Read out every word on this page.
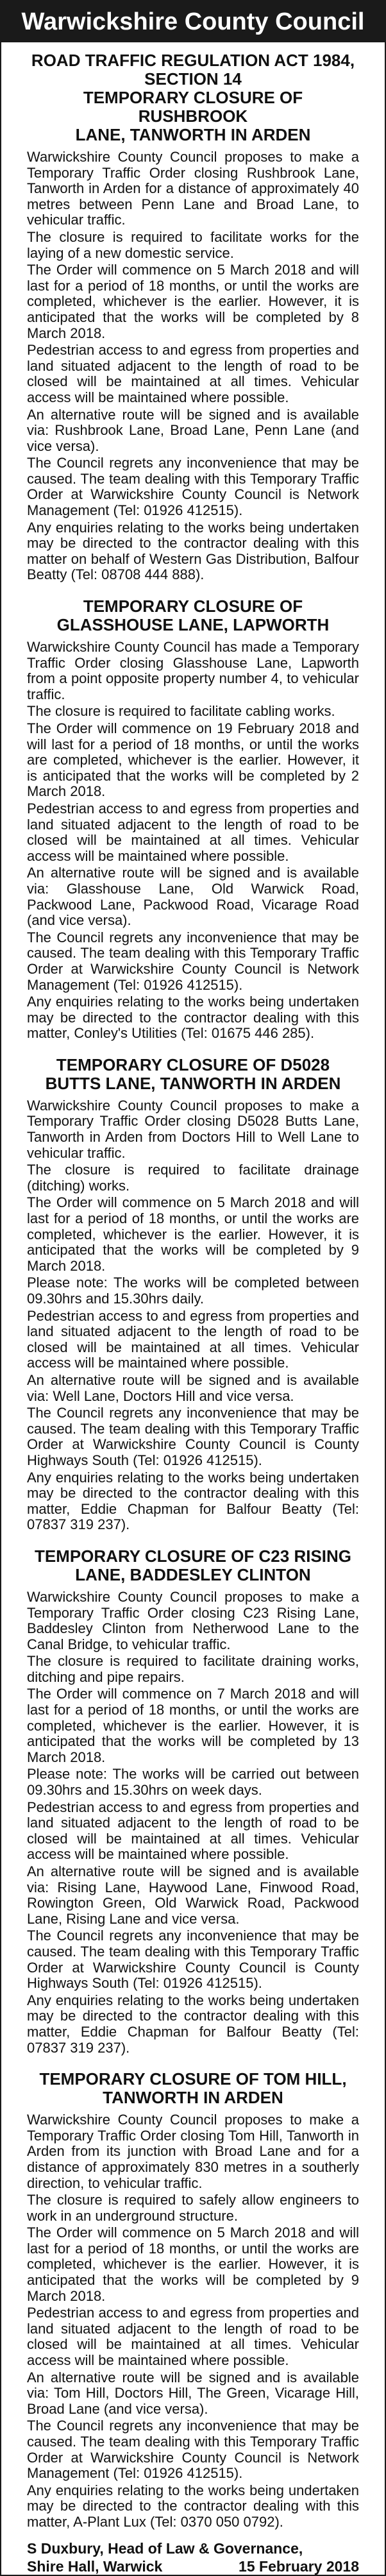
Warwickshire County Council
ROAD TRAFFIC REGULATION ACT 1984,
SECTION 14
TEMPORARY CLOSURE OF RUSHBROOK
LANE, TANWORTH IN ARDEN

Warwickshire County Council proposes to make a Temporary Traffic Order closing Rushbrook Lane, Tanworth in Arden for a distance of approximately 40 metres between Penn Lane and Broad Lane, to vehicular traffic.

The closure is required to facilitate works for the laying of a new domestic service.

The Order will commence on 5 March 2018 and will last for a period of 18 months, or until the works are completed, whichever is the earlier. However, it is anticipated that the works will be completed by 8 March 2018.

Pedestrian access to and egress from properties and land situated adjacent to the length of road to be closed will be maintained at all times. Vehicular access will be maintained where possible.

An alternative route will be signed and is available via: Rushbrook Lane, Broad Lane, Penn Lane (and vice versa).

The Council regrets any inconvenience that may be caused. The team dealing with this Temporary Traffic Order at Warwickshire County Council is Network Management (Tel: 01926 412515).

Any enquiries relating to the works being undertaken may be directed to the contractor dealing with this matter on behalf of Western Gas Distribution, Balfour Beatty (Tel: 08708 444 888).

TEMPORARY CLOSURE OF
GLASSHOUSE LANE, LAPWORTH

Warwickshire County Council has made a Temporary Traffic Order closing Glasshouse Lane, Lapworth from a point opposite property number 4, to vehicular traffic.

The closure is required to facilitate cabling works.

The Order will commence on 19 February 2018 and will last for a period of 18 months, or until the works are completed, whichever is the earlier. However, it is anticipated that the works will be completed by 2 March 2018.

Pedestrian access to and egress from properties and land situated adjacent to the length of road to be closed will be maintained at all times. Vehicular access will be maintained where possible.

An alternative route will be signed and is available via: Glasshouse Lane, Old Warwick Road, Packwood Lane, Packwood Road, Vicarage Road (and vice versa).

The Council regrets any inconvenience that may be caused. The team dealing with this Temporary Traffic Order at Warwickshire County Council is Network Management (Tel: 01926 412515).

Any enquiries relating to the works being undertaken may be directed to the contractor dealing with this matter, Conley's Utilities (Tel: 01675 446 285).

TEMPORARY CLOSURE OF D5028
BUTTS LANE, TANWORTH IN ARDEN

Warwickshire County Council proposes to make a Temporary Traffic Order closing D5028 Butts Lane, Tanworth in Arden from Doctors Hill to Well Lane to vehicular traffic.

The closure is required to facilitate drainage (ditching) works.

The Order will commence on 5 March 2018 and will last for a period of 18 months, or until the works are completed, whichever is the earlier. However, it is anticipated that the works will be completed by 9 March 2018.

Please note: The works will be completed between 09.30hrs and 15.30hrs daily.

Pedestrian access to and egress from properties and land situated adjacent to the length of road to be closed will be maintained at all times. Vehicular access will be maintained where possible.

An alternative route will be signed and is available via: Well Lane, Doctors Hill and vice versa.

The Council regrets any inconvenience that may be caused. The team dealing with this Temporary Traffic Order at Warwickshire County Council is County Highways South (Tel: 01926 412515).

Any enquiries relating to the works being undertaken may be directed to the contractor dealing with this matter, Eddie Chapman for Balfour Beatty (Tel: 07837 319 237).

TEMPORARY CLOSURE OF C23 RISING
LANE, BADDESLEY CLINTON

Warwickshire County Council proposes to make a Temporary Traffic Order closing C23 Rising Lane, Baddesley Clinton from Netherwood Lane to the Canal Bridge, to vehicular traffic.

The closure is required to facilitate draining works, ditching and pipe repairs.

The Order will commence on 7 March 2018 and will last for a period of 18 months, or until the works are completed, whichever is the earlier. However, it is anticipated that the works will be completed by 13 March 2018.

Please note: The works will be carried out between 09.30hrs and 15.30hrs on week days.

Pedestrian access to and egress from properties and land situated adjacent to the length of road to be closed will be maintained at all times. Vehicular access will be maintained where possible.

An alternative route will be signed and is available via: Rising Lane, Haywood Lane, Finwood Road, Rowington Green, Old Warwick Road, Packwood Lane, Rising Lane and vice versa.

The Council regrets any inconvenience that may be caused. The team dealing with this Temporary Traffic Order at Warwickshire County Council is County Highways South (Tel: 01926 412515).

Any enquiries relating to the works being undertaken may be directed to the contractor dealing with this matter, Eddie Chapman for Balfour Beatty (Tel: 07837 319 237).

TEMPORARY CLOSURE OF TOM HILL,
TANWORTH IN ARDEN

Warwickshire County Council proposes to make a Temporary Traffic Order closing Tom Hill, Tanworth in Arden from its junction with Broad Lane and for a distance of approximately 830 metres in a southerly direction, to vehicular traffic.

The closure is required to safely allow engineers to work in an underground structure.

The Order will commence on 5 March 2018 and will last for a period of 18 months, or until the works are completed, whichever is the earlier. However, it is anticipated that the works will be completed by 9 March 2018.

Pedestrian access to and egress from properties and land situated adjacent to the length of road to be closed will be maintained at all times. Vehicular access will be maintained where possible.

An alternative route will be signed and is available via: Tom Hill, Doctors Hill, The Green, Vicarage Hill, Broad Lane (and vice versa).

The Council regrets any inconvenience that may be caused. The team dealing with this Temporary Traffic Order at Warwickshire County Council is Network Management (Tel: 01926 412515).

Any enquiries relating to the works being undertaken may be directed to the contractor dealing with this matter, A-Plant Lux (Tel: 0370 050 0792).

S Duxbury, Head of Law & Governance,
Shire Hall, Warwick	15 February 2018
